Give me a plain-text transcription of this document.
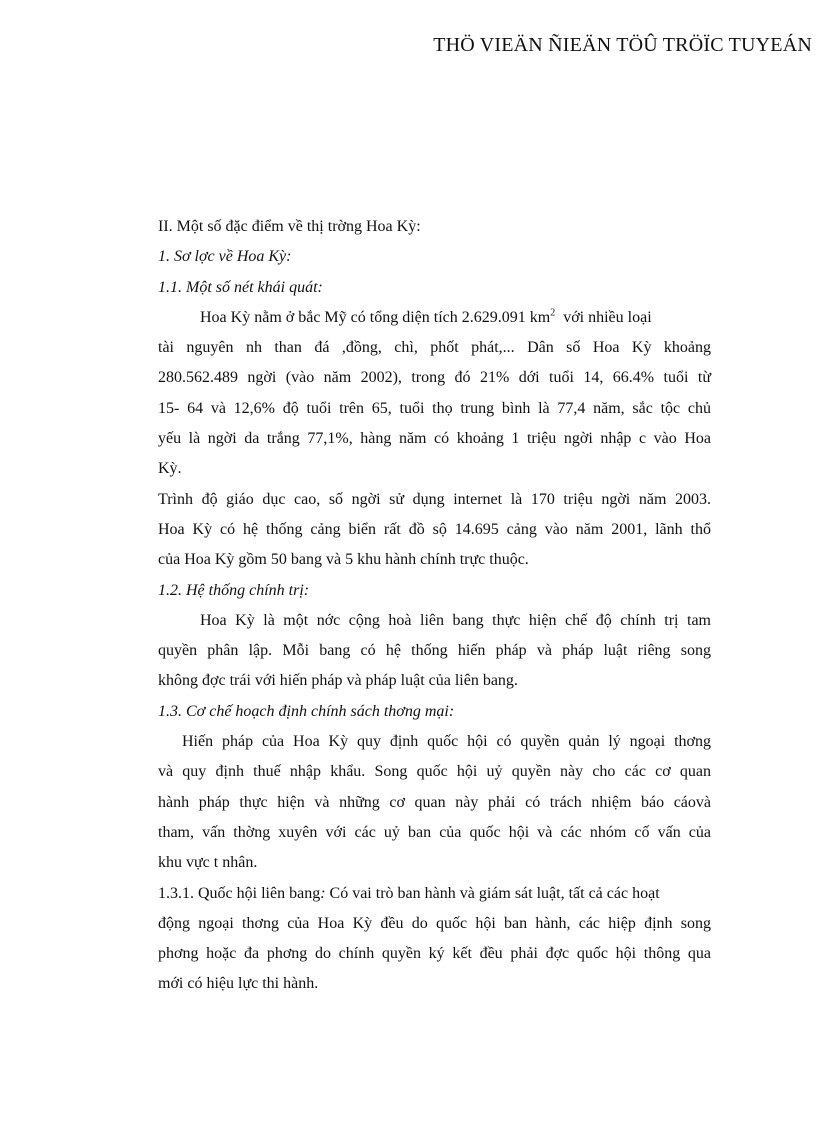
THÖ VIEÄN ÑIEÄN TÖÛ TRÖÏC TUYEÁN
II. Một số đặc điểm về thị trờng Hoa Kỳ:
1. Sơ lợc về Hoa Kỳ:
1.1. Một số nét khái quát:
Hoa Kỳ nằm ở bắc Mỹ có tổng diện tích 2.629.091 $km^2$ với nhiều loại
tài nguyên nh than đá ,đồng, chì, phốt phát,... Dân số Hoa Kỳ khoảng
280.562.489 ngời (vào năm 2002), trong đó 21% dới tuổi 14, 66.4% tuổi từ
15- 64 và 12,6% độ tuổi trên 65, tuổi thọ trung bình là 77,4 năm, sắc tộc chủ
yếu là ngời da trắng 77,1%, hàng năm có khoảng 1 triệu ngời nhập c vào Hoa
Kỳ.
Trình độ giáo dục cao, số ngời sử dụng internet là 170 triệu ngời năm 2003.
Hoa Kỳ có hệ thống cảng biển rất đồ sộ 14.695 cảng vào năm 2001, lãnh thổ
của Hoa Kỳ gồm 50 bang và 5 khu hành chính trực thuộc.
1.2. Hệ thống chính trị:
Hoa Kỳ là một nớc cộng hoà liên bang thực hiện chế độ chính trị tam
quyền phân lập. Mỗi bang có hệ thống hiến pháp và pháp luật riêng song
không đợc trái với hiến pháp và pháp luật của liên bang.
1.3. Cơ chế hoạch định chính sách thơng mại:
Hiến pháp của Hoa Kỳ quy định quốc hội có quyền quản lý ngoại thơng
và quy định thuế nhập khẩu. Song quốc hội uỷ quyền này cho các cơ quan
hành pháp thực hiện và những cơ quan này phải có trách nhiệm báo cáovà
tham, vấn thờng xuyên với các uỷ ban của quốc hội và các nhóm cố vấn của
khu vực t nhân.
1.3.1. Quốc hội liên bang: Có vai trò ban hành và giám sát luật, tất cả các hoạt
động ngoại thơng của Hoa Kỳ đều do quốc hội ban hành, các hiệp định song
phơng hoặc đa phơng do chính quyền ký kết đều phải đợc quốc hội thông qua
mới có hiệu lực thi hành.
